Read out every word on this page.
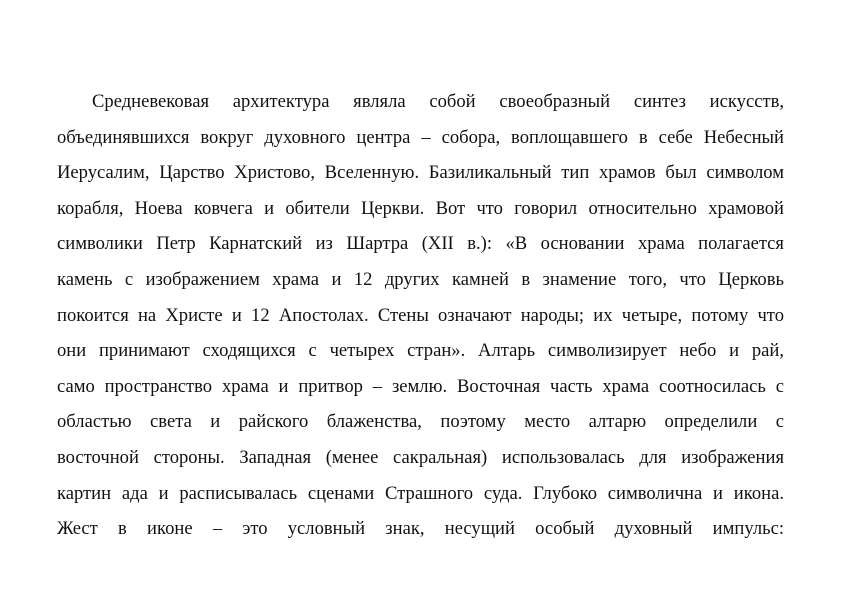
Средневековая архитектура являла собой своеобразный синтез искусств,
объединявшихся вокруг духовного центра – собора, воплощавшего в себе Небесный
Иерусалим, Царство Христово, Вселенную. Базиликальный тип храмов был символом
корабля, Ноева ковчега и обители Церкви. Вот что говорил относительно храмовой
символики Петр Карнатский из Шартра (XII в.): «В основании храма полагается
камень с изображением храма и 12 других камней в знамение того, что Церковь
покоится на Христе и 12 Апостолах. Стены означают народы; их четыре, потому что
они принимают сходящихся с четырех стран». Алтарь символизирует небо и рай,
само пространство храма и притвор – землю. Восточная часть храма соотносилась с
областью света и райского блаженства, поэтому место алтарю определили с
восточной стороны. Западная (менее сакральная) использовалась для изображения
картин ада и расписывалась сценами Страшного суда. Глубоко символична и икона.
Жест в иконе – это условный знак, несущий особый духовный импульс:
